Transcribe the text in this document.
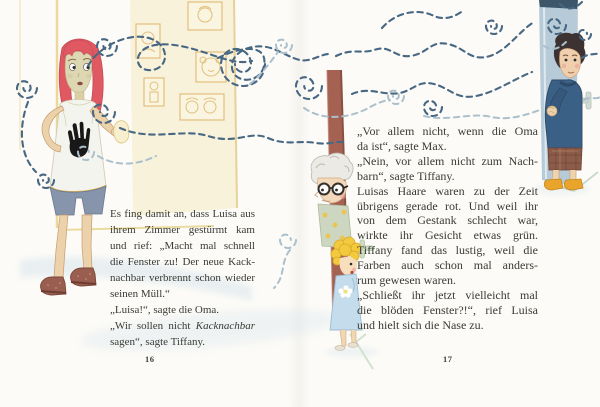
Es fing damit an, dass Luisa aus
ihrem Zimmer gestürmt kam
und rief: „Macht mal schnell
die Fenster zu! Der neue Kack-
nachbar verbrennt schon wieder
seinen Müll.“
„Luisa!“, sagte die Oma.
„Wir sollen nicht Kacknachbar
sagen“, sagte Tiffany.
„Vor allem nicht, wenn die Oma
da ist“, sagte Max.
„Nein, vor allem nicht zum Nach-
barn“, sagte Tiffany.
Luisas Haare waren zu der Zeit
übrigens gerade rot. Und weil ihr
von dem Gestank schlecht war,
wirkte ihr Gesicht etwas grün.
Tiffany fand das lustig, weil die
Farben auch schon mal anders-
rum gewesen waren.
„Schließt ihr jetzt vielleicht mal
die blöden Fenster?!“, rief Luisa
und hielt sich die Nase zu.
16	17
